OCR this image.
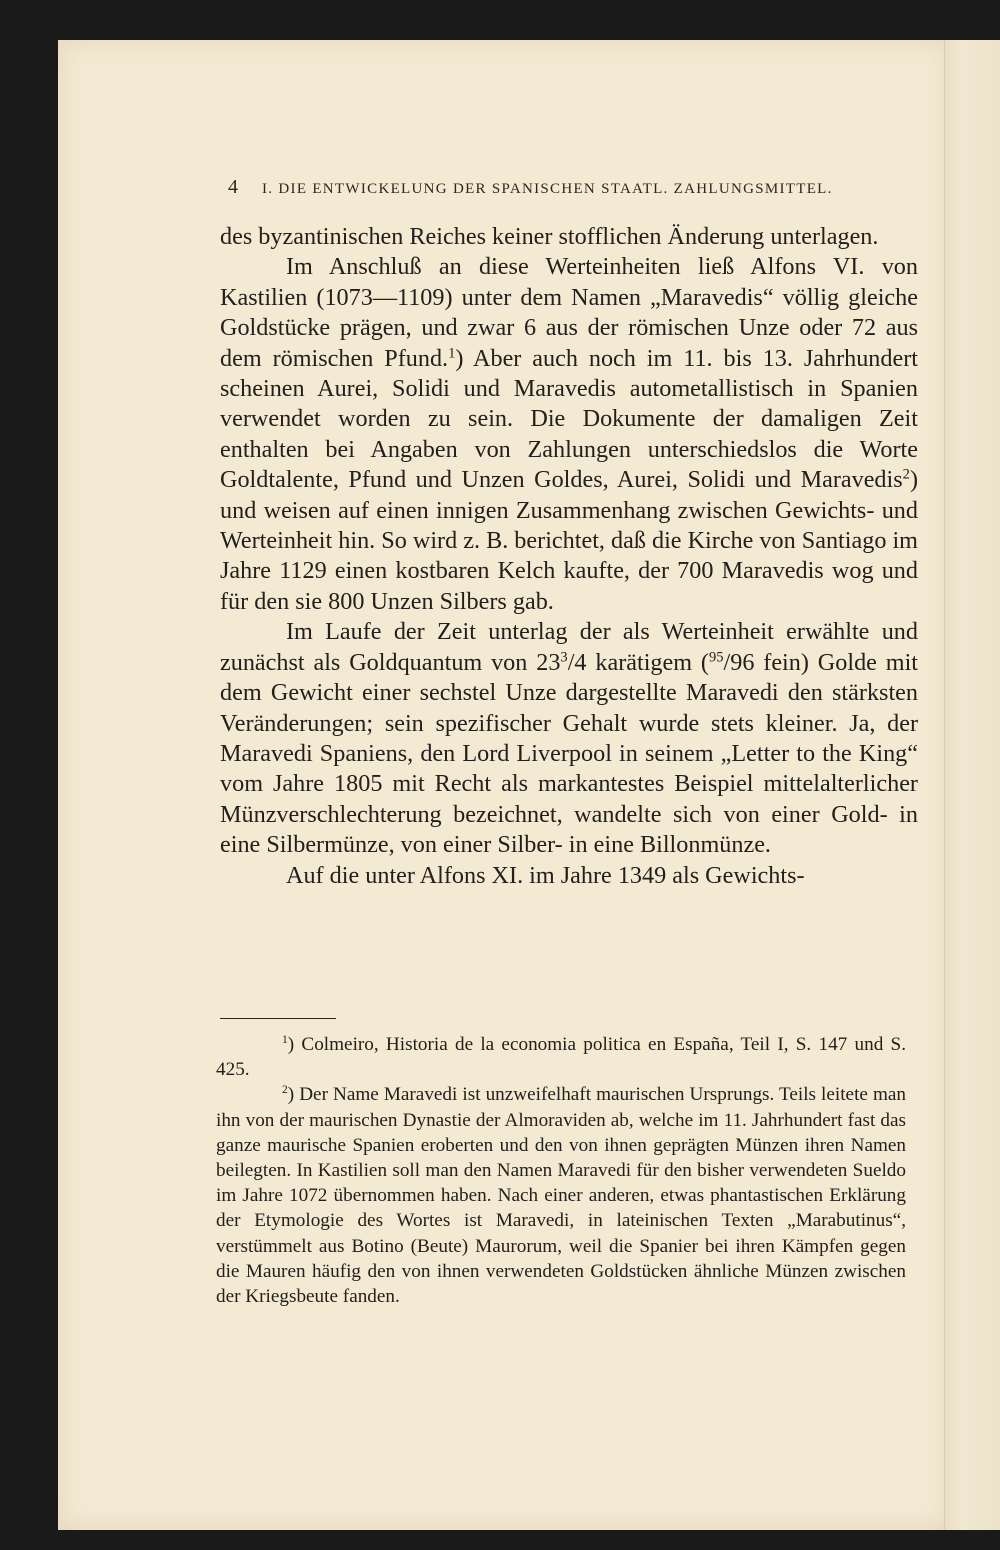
4 I. DIE ENTWICKELUNG DER SPANISCHEN STAATL. ZAHLUNGSMITTEL.

des byzantinischen Reiches keiner stofflichen Änderung unterlagen.

Im Anschluß an diese Werteinheiten ließ Alfons VI. von Kastilien (1073—1109) unter dem Namen „Maravedis“ völlig gleiche Goldstücke prägen, und zwar 6 aus der römischen Unze oder 72 aus dem römischen Pfund.$^1$) Aber auch noch im 11. bis 13. Jahrhundert scheinen Aurei, Solidi und Maravedis autometallistisch in Spanien verwendet worden zu sein. Die Dokumente der damaligen Zeit enthalten bei Angaben von Zahlungen unterschiedslos die Worte Goldtalente, Pfund und Unzen Goldes, Aurei, Solidi und Maravedis$^2$) und weisen auf einen innigen Zusammenhang zwischen Gewichts- und Werteinheit hin. So wird z. B. berichtet, daß die Kirche von Santiago im Jahre 1129 einen kostbaren Kelch kaufte, der 700 Maravedis wog und für den sie 800 Unzen Silbers gab.

Im Laufe der Zeit unterlag der als Werteinheit erwählte und zunächst als Goldquantum von $23^3/4$ karätigem ($^{95}$/96 fein) Golde mit dem Gewicht einer sechstel Unze dargestellte Maravedi den stärksten Veränderungen; sein spezifischer Gehalt wurde stets kleiner. Ja, der Maravedi Spaniens, den Lord Liverpool in seinem „Letter to the King“ vom Jahre 1805 mit Recht als markantestes Beispiel mittelalterlicher Münzverschlechterung bezeichnet, wandelte sich von einer Gold- in eine Silbermünze, von einer Silber- in eine Billonmünze.

Auf die unter Alfons XI. im Jahre 1349 als Gewichts-

$^1$) Colmeiro, Historia de la economia politica en España, Teil I, S. 147 und S. 425.

$^2$) Der Name Maravedi ist unzweifelhaft maurischen Ursprungs. Teils leitete man ihn von der maurischen Dynastie der Almoraviden ab, welche im 11. Jahrhundert fast das ganze maurische Spanien eroberten und den von ihnen geprägten Münzen ihren Namen beilegten. In Kastilien soll man den Namen Maravedi für den bisher verwendeten Sueldo im Jahre 1072 übernommen haben. Nach einer anderen, etwas phantastischen Erklärung der Etymologie des Wortes ist Maravedi, in lateinischen Texten „Marabutinus“, verstümmelt aus Botino (Beute) Maurorum, weil die Spanier bei ihren Kämpfen gegen die Mauren häufig den von ihnen verwendeten Goldstücken ähnliche Münzen zwischen der Kriegsbeute fanden.
